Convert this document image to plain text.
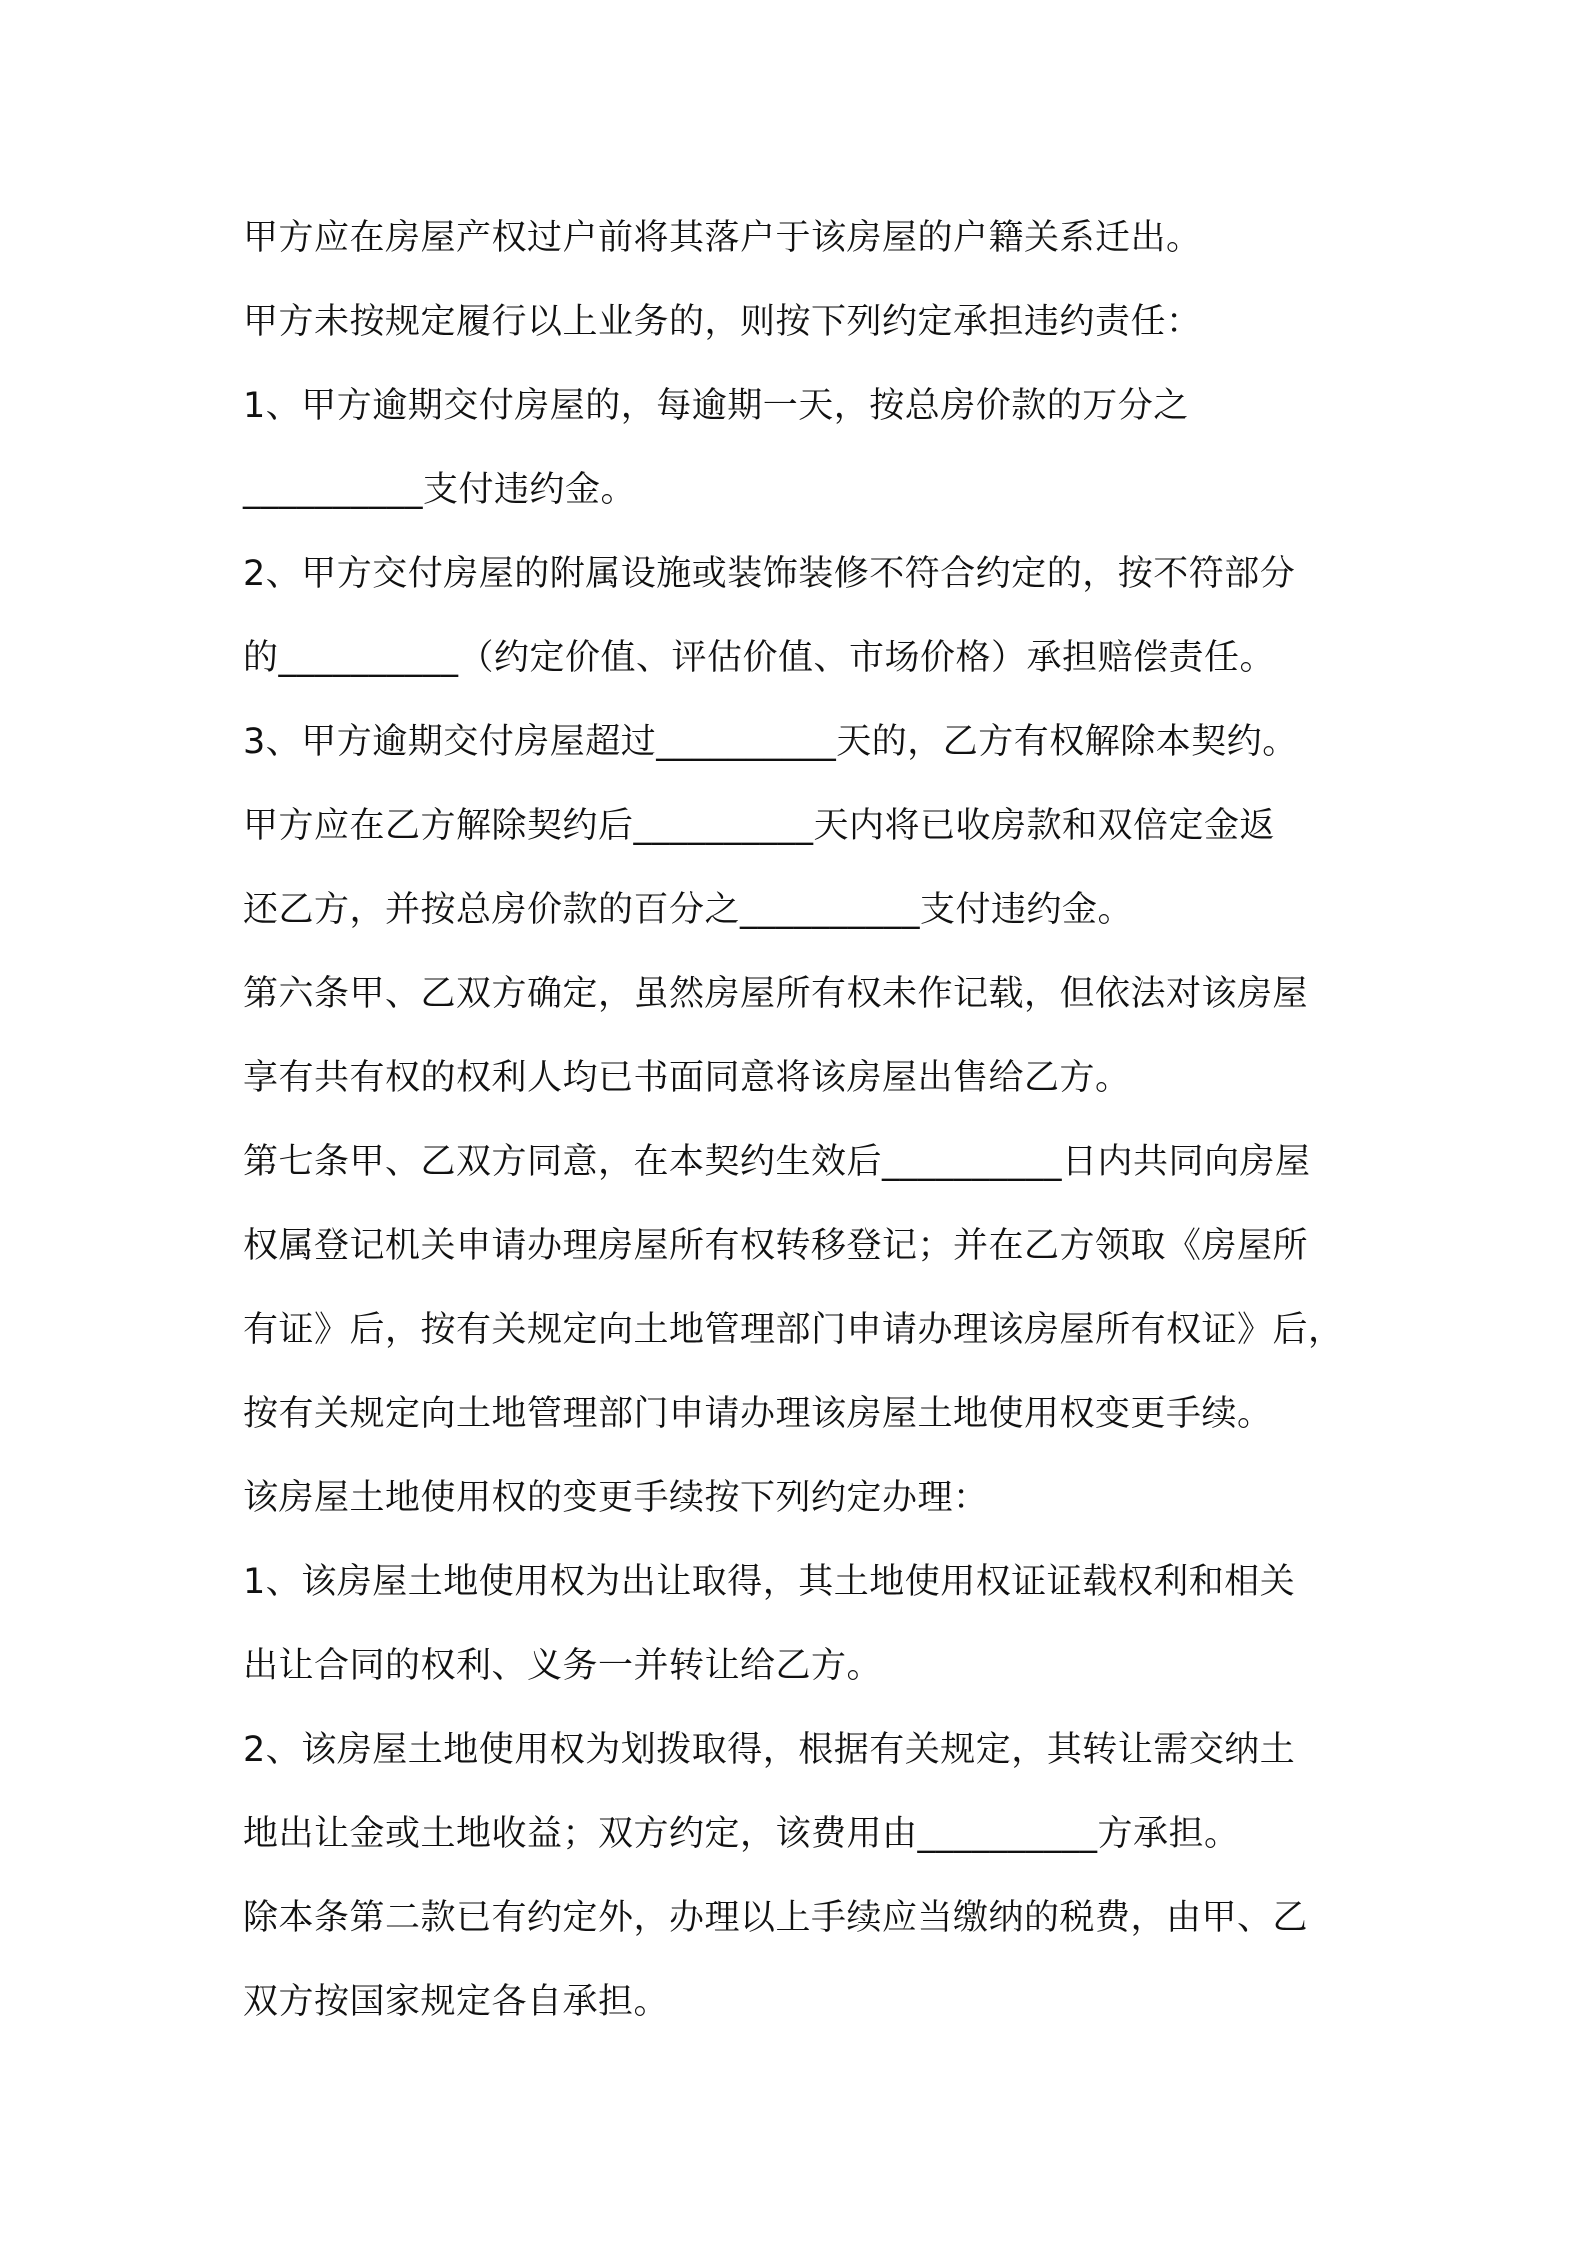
甲方应在房屋产权过户前将其落户于该房屋的户籍关系迁出。
甲方未按规定履行以上业务的，则按下列约定承担违约责任：
1、甲方逾期交付房屋的，每逾期一天，按总房价款的万分之
__________支付违约金。
2、甲方交付房屋的附属设施或装饰装修不符合约定的，按不符部分
的__________（约定价值、评估价值、市场价格）承担赔偿责任。
3、甲方逾期交付房屋超过__________天的，乙方有权解除本契约。
甲方应在乙方解除契约后__________天内将已收房款和双倍定金返
还乙方，并按总房价款的百分之__________支付违约金。
第六条甲、乙双方确定，虽然房屋所有权未作记载，但依法对该房屋
享有共有权的权利人均已书面同意将该房屋出售给乙方。
第七条甲、乙双方同意，在本契约生效后__________日内共同向房屋
权属登记机关申请办理房屋所有权转移登记；并在乙方领取《房屋所
有证》后，按有关规定向土地管理部门申请办理该房屋所有权证》后，
按有关规定向土地管理部门申请办理该房屋土地使用权变更手续。
该房屋土地使用权的变更手续按下列约定办理：
1、该房屋土地使用权为出让取得，其土地使用权证证载权利和相关
出让合同的权利、义务一并转让给乙方。
2、该房屋土地使用权为划拨取得，根据有关规定，其转让需交纳土
地出让金或土地收益；双方约定，该费用由__________方承担。
除本条第二款已有约定外，办理以上手续应当缴纳的税费，由甲、乙
双方按国家规定各自承担。
